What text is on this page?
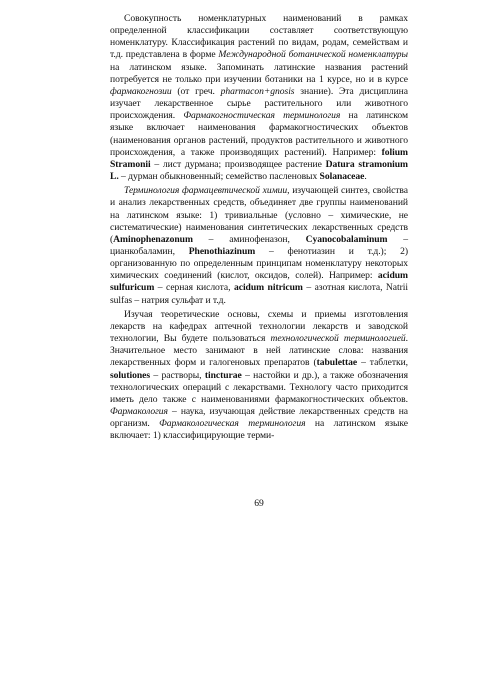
Совокупность номенклатурных наименований в рамках определенной классификации составляет соответствующую номенклатуру. Классификация растений по видам, родам, семействам и т.д. представлена в форме Международной ботанической номенклатуры на латинском языке. Запоминать латинские названия растений потребуется не только при изучении ботаники на 1 курсе, но и в курсе фармакогнозии (от греч. pharmacon+gnosis знание). Эта дисциплина изучает лекарственное сырье растительного или животного происхождения. Фармакогностическая терминология на латинском языке включает наименования фармакогностических объектов (наименования органов растений, продуктов растительного и животного происхождения, а также производящих растений). Например: folium Stramonii – лист дурмана; производящее растение Datura stramonium L. – дурман обыкновенный; семейство пасленовых Solanaceae.

Терминология фармацевтической химии, изучающей синтез, свойства и анализ лекарственных средств, объединяет две группы наименований на латинском языке: 1) тривиальные (условно – химические, не систематические) наименования синтетических лекарственных средств (Aminophenazonum – аминофеназон, Cyanocobalaminum – цианкобаламин, Phenothiazinum – фенотиазин и т.д.); 2) организованную по определенным принципам номенклатуру некоторых химических соединений (кислот, оксидов, солей). Например: acidum sulfuricum – серная кислота, acidum nitricum – азотная кислота, Natrii sulfas – натрия сульфат и т.д.

Изучая теоретические основы, схемы и приемы изготовления лекарств на кафедрах аптечной технологии лекарств и заводской технологии, Вы будете пользоваться технологической терминологией. Значительное место занимают в ней латинские слова: названия лекарственных форм и галогеновых препаратов (tabulettae – таблетки, solutiones – растворы, tincturae – настойки и др.), а также обозначения технологических операций с лекарствами. Технологу часто приходится иметь дело также с наименованиями фармакогностических объектов. Фармакология – наука, изучающая действие лекарственных средств на организм. Фармакологическая терминология на латинском языке включает: 1) классифицирующие терми-

69
